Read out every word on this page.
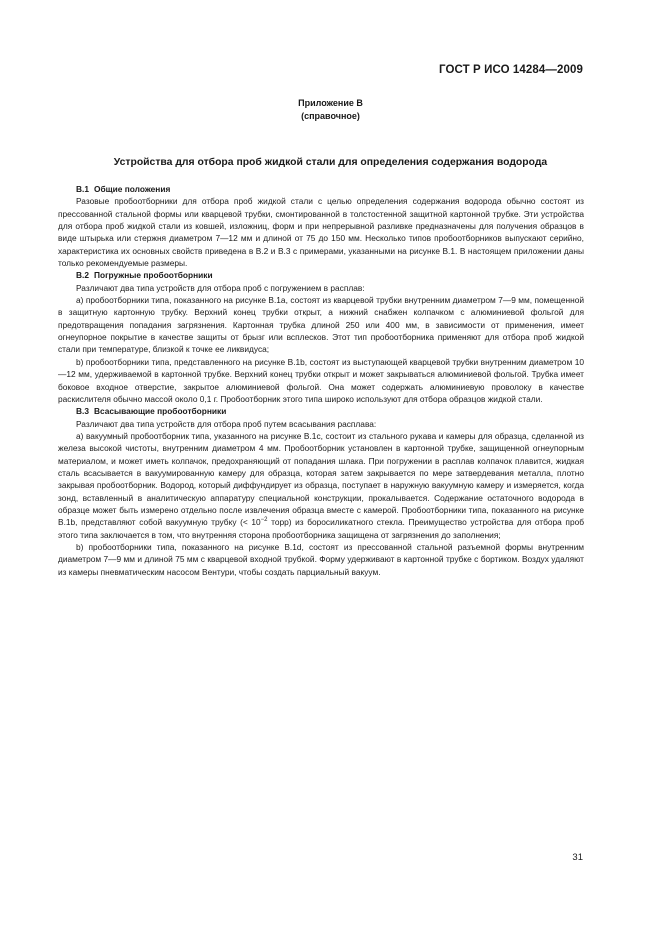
ГОСТ Р ИСО 14284—2009
Приложение В
(справочное)
Устройства для отбора проб жидкой стали для определения содержания водорода

В.1 Общие положения

Разовые пробоотборники для отбора проб жидкой стали с целью определения содержания водорода обычно состоят из прессованной стальной формы или кварцевой трубки, смонтированной в толстостенной защитной картонной трубке. Эти устройства для отбора проб жидкой стали из ковшей, изложниц, форм и при непрерывной разливке предназначены для получения образцов в виде штырька или стержня диаметром 7—12 мм и длиной от 75 до 150 мм. Несколько типов пробоотборников выпускают серийно, характеристика их основных свойств приведена в В.2 и В.3 с примерами, указанными на рисунке В.1. В настоящем приложении даны только рекомендуемые размеры.

В.2 Погружные пробоотборники

Различают два типа устройств для отбора проб с погружением в расплав:

а) пробоотборники типа, показанного на рисунке В.1а, состоят из кварцевой трубки внутренним диаметром 7—9 мм, помещенной в защитную картонную трубку. Верхний конец трубки открыт, а нижний снабжен колпачком с алюминиевой фольгой для предотвращения попадания загрязнения. Картонная трубка длиной 250 или 400 мм, в зависимости от применения, имеет огнеупорное покрытие в качестве защиты от брызг или всплесков. Этот тип пробоотборника применяют для отбора проб жидкой стали при температуре, близкой к точке ее ликвидуса;

b) пробоотборники типа, представленного на рисунке В.1b, состоят из выступающей кварцевой трубки внутренним диаметром 10—12 мм, удерживаемой в картонной трубке. Верхний конец трубки открыт и может закрываться алюминиевой фольгой. Трубка имеет боковое входное отверстие, закрытое алюминиевой фольгой. Она может содержать алюминиевую проволоку в качестве раскислителя обычно массой около 0,1 г. Пробоотборник этого типа широко используют для отбора образцов жидкой стали.

В.3 Всасывающие пробоотборники

Различают два типа устройств для отбора проб путем всасывания расплава:

а) вакуумный пробоотборник типа, указанного на рисунке В.1с, состоит из стального рукава и камеры для образца, сделанной из железа высокой чистоты, внутренним диаметром 4 мм. Пробоотборник установлен в картонной трубке, защищенной огнеупорным материалом, и может иметь колпачок, предохраняющий от попадания шлака. При погружении в расплав колпачок плавится, жидкая сталь всасывается в вакуумированную камеру для образца, которая затем закрывается по мере затвердевания металла, плотно закрывая пробоотборник. Водород, который диффундирует из образца, поступает в наружную вакуумную камеру и измеряется, когда зонд, вставленный в аналитическую аппаратуру специальной конструкции, прокалывается. Содержание остаточного водорода в образце может быть измерено отдельно после извлечения образца вместе с камерой. Пробоотборники типа, показанного на рисунке В.1b, представляют собой вакуумную трубку (< $10^{-2}$ торр) из боросиликатного стекла. Преимущество устройства для отбора проб этого типа заключается в том, что внутренняя сторона пробоотборника защищена от загрязнения до заполнения;

b) пробоотборники типа, показанного на рисунке В.1d, состоят из прессованной стальной разъемной формы внутренним диаметром 7—9 мм и длиной 75 мм с кварцевой входной трубкой. Форму удерживают в картонной трубке с бортиком. Воздух удаляют из камеры пневматическим насосом Вентури, чтобы создать парциальный вакуум.

31
